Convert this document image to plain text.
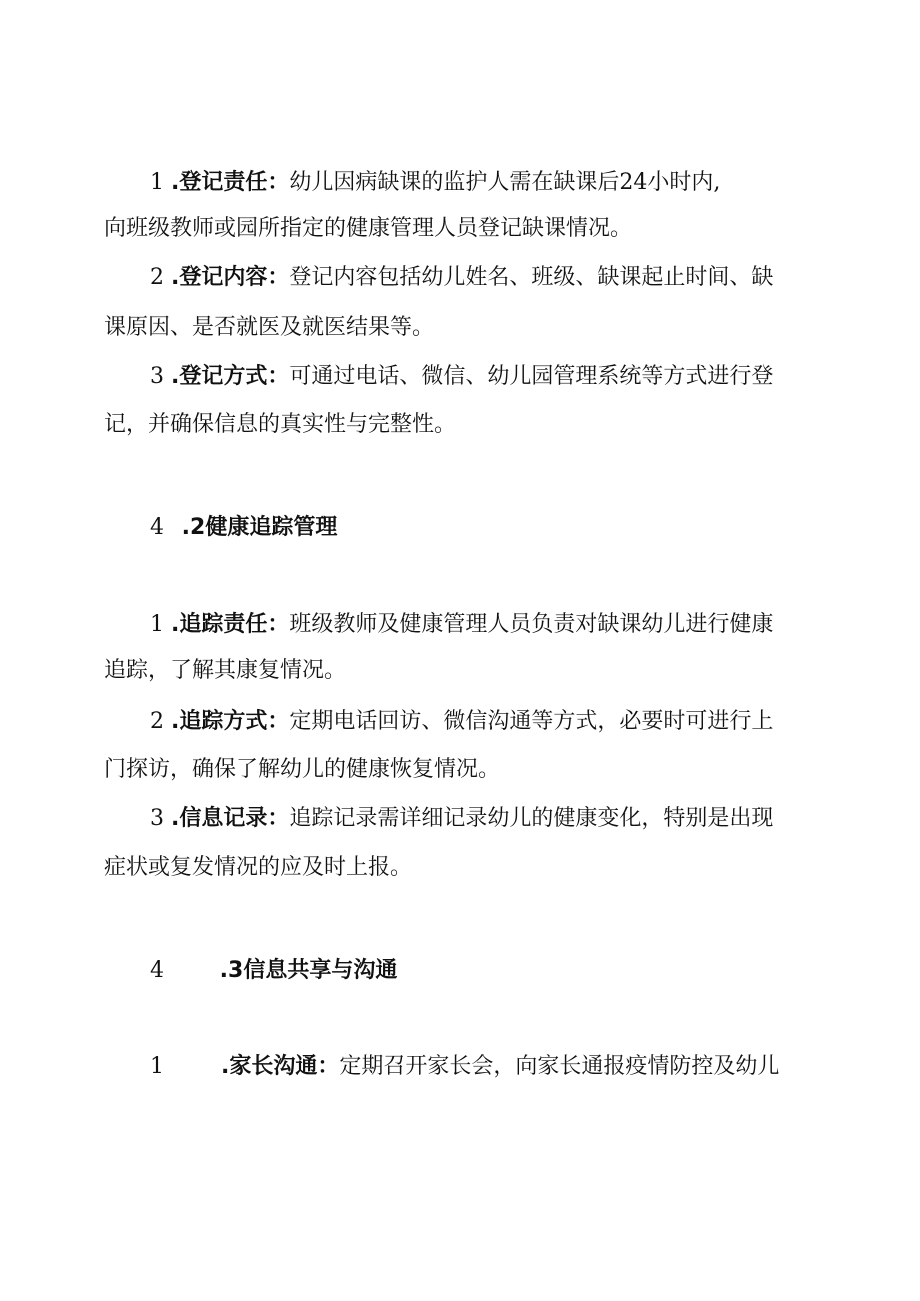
1 .登记责任：幼儿因病缺课的监护人需在缺课后24小时内,
向班级教师或园所指定的健康管理人员登记缺课情况。
2 .登记内容：登记内容包括幼儿姓名、班级、缺课起止时间、缺
课原因、是否就医及就医结果等。
3 .登记方式：可通过电话、微信、幼儿园管理系统等方式进行登
记，并确保信息的真实性与完整性。
4 .2健康追踪管理
1 .追踪责任：班级教师及健康管理人员负责对缺课幼儿进行健康
追踪，了解其康复情况。
2 .追踪方式：定期电话回访、微信沟通等方式，必要时可进行上
门探访，确保了解幼儿的健康恢复情况。
3 .信息记录：追踪记录需详细记录幼儿的健康变化，特别是出现
症状或复发情况的应及时上报。
4	.3信息共享与沟通
1	.家长沟通：定期召开家长会，向家长通报疫情防控及幼儿
